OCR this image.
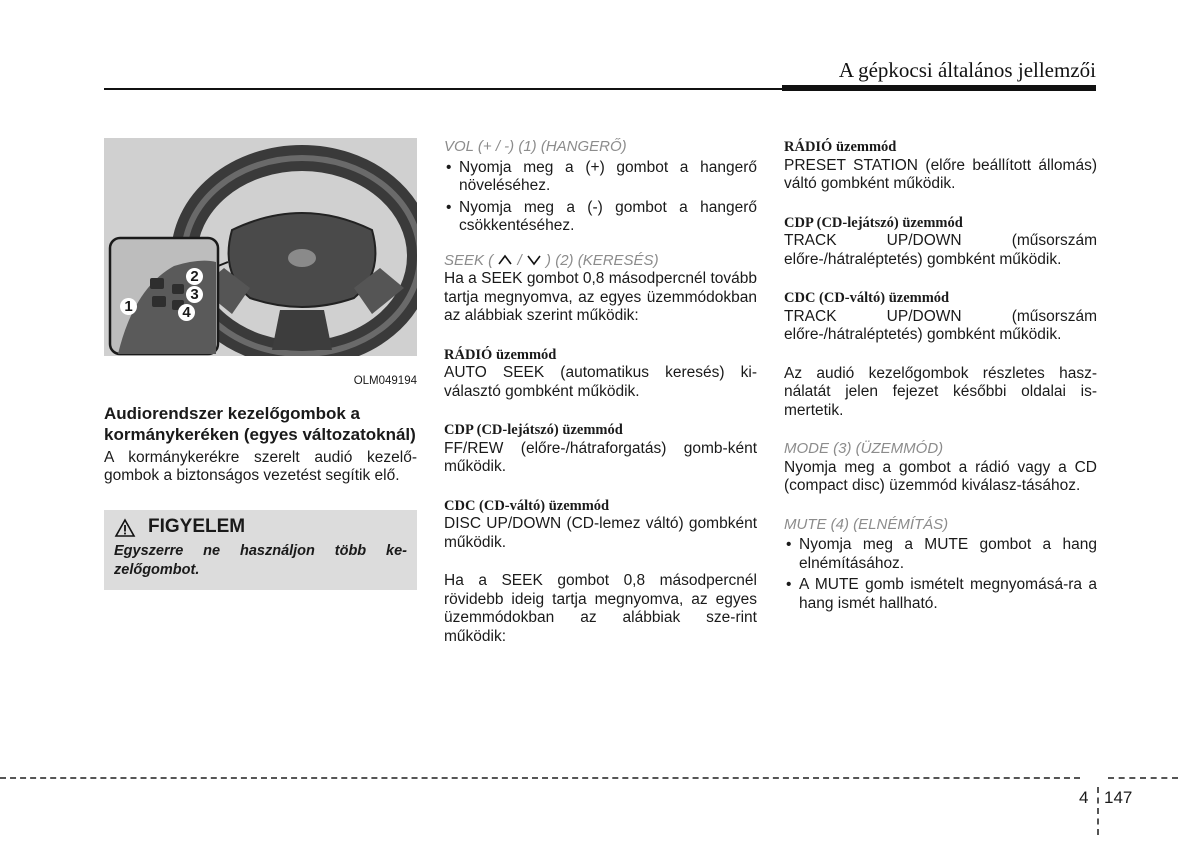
A gépkocsi általános jellemzői
1
2
3
4
OLM049194
Audiorendszer kezelőgombok a kormánykeréken (egyes változatoknál)
A kormánykerékre szerelt audió kezelő-gombok a biztonságos vezetést segítik elő.
FIGYELEM
Egyszerre ne használjon több ke-zelőgombot.
VOL (+ / -) (1) (HANGERŐ)
• Nyomja meg a (+) gombot a hangerő növeléséhez.
• Nyomja meg a (-) gombot a hangerő csökkentéséhez.
SEEK ( / ) (2) (KERESÉS)
Ha a SEEK gombot 0,8 másodpercnél tovább tartja megnyomva, az egyes üzemmódokban az alábbiak szerint működik:
RÁDIÓ üzemmód
AUTO SEEK (automatikus keresés) ki-választó gombként működik.
CDP (CD-lejátszó) üzemmód
FF/REW (előre-/hátraforgatás) gomb-ként működik.
CDC (CD-váltó) üzemmód
DISC UP/DOWN (CD-lemez váltó) gombként működik.
Ha a SEEK gombot 0,8 másodpercnél rövidebb ideig tartja megnyomva, az egyes üzemmódokban az alábbiak sze-rint működik:
RÁDIÓ üzemmód
PRESET STATION (előre beállított állomás) váltó gombként működik.
CDP (CD-lejátszó) üzemmód
TRACK UP/DOWN (műsorszám előre-/hátraléptetés) gombként működik.
CDC (CD-váltó) üzemmód
TRACK UP/DOWN (műsorszám előre-/hátraléptetés) gombként működik.
Az audió kezelőgombok részletes hasz-nálatát jelen fejezet későbbi oldalai is-mertetik.
MODE (3) (ÜZEMMÓD)
Nyomja meg a gombot a rádió vagy a CD (compact disc) üzemmód kiválasz-tásához.
MUTE (4) (ELNÉMÍTÁS)
• Nyomja meg a MUTE gombot a hang elnémításához.
• A MUTE gomb ismételt megnyomásá-ra a hang ismét hallható.
4 147
